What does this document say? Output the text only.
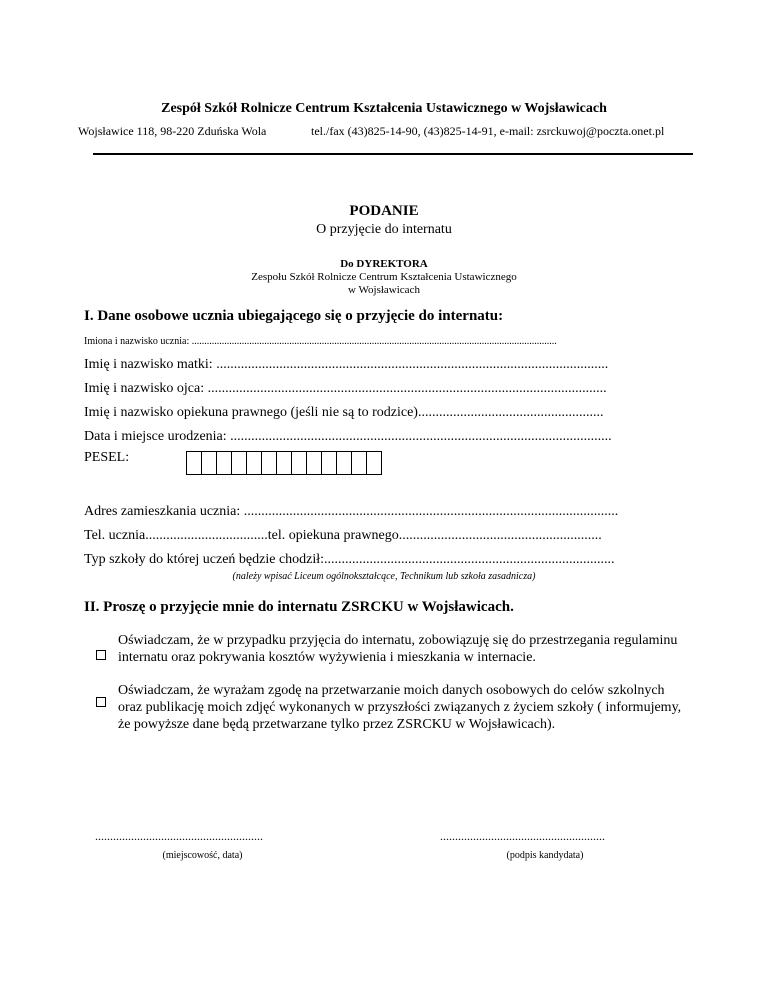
Zespół Szkół Rolnicze Centrum Kształcenia Ustawicznego w Wojsławicach
Wojsławice 118, 98-220 Zduńska Wola	tel./fax (43)825-14-90, (43)825-14-91, e-mail: zsrckuwoj@poczta.onet.pl
PODANIE
O przyjęcie do internatu
Do DYREKTORA
Zespołu Szkół Rolnicze Centrum Kształcenia Ustawicznego
w Wojsławicach
I. Dane osobowe ucznia ubiegającego się o przyjęcie do internatu:
Imiona i nazwisko ucznia: ..................................................................................................................................................
Imię i nazwisko matki: ................................................................................................................
Imię i nazwisko ojca: ..................................................................................................................
Imię i nazwisko opiekuna prawnego (jeśli nie są to rodzice).....................................................
Data i miejsce urodzenia: .............................................................................................................
PESEL:
Adres zamieszkania ucznia: ...........................................................................................................
Tel. ucznia...................................tel. opiekuna prawnego..........................................................
Typ szkoły do której uczeń będzie chodził:...................................................................................
(należy wpisać Liceum ogólnokształcące, Technikum lub szkoła zasadnicza)
II. Proszę o przyjęcie mnie do internatu ZSRCKU w Wojsławicach.
Oświadczam, że w przypadku przyjęcia do internatu, zobowiązuję się do przestrzegania regulaminu internatu oraz pokrywania kosztów wyżywienia i mieszkania w internacie.
Oświadczam, że wyrażam zgodę na przetwarzanie moich danych osobowych do celów szkolnych oraz publikację moich zdjęć wykonanych w przyszłości związanych z życiem szkoły ( informujemy, że powyższe dane będą przetwarzane tylko przez ZSRCKU w Wojsławicach).
........................................................	.......................................................
(miejscowość, data)	(podpis kandydata)
